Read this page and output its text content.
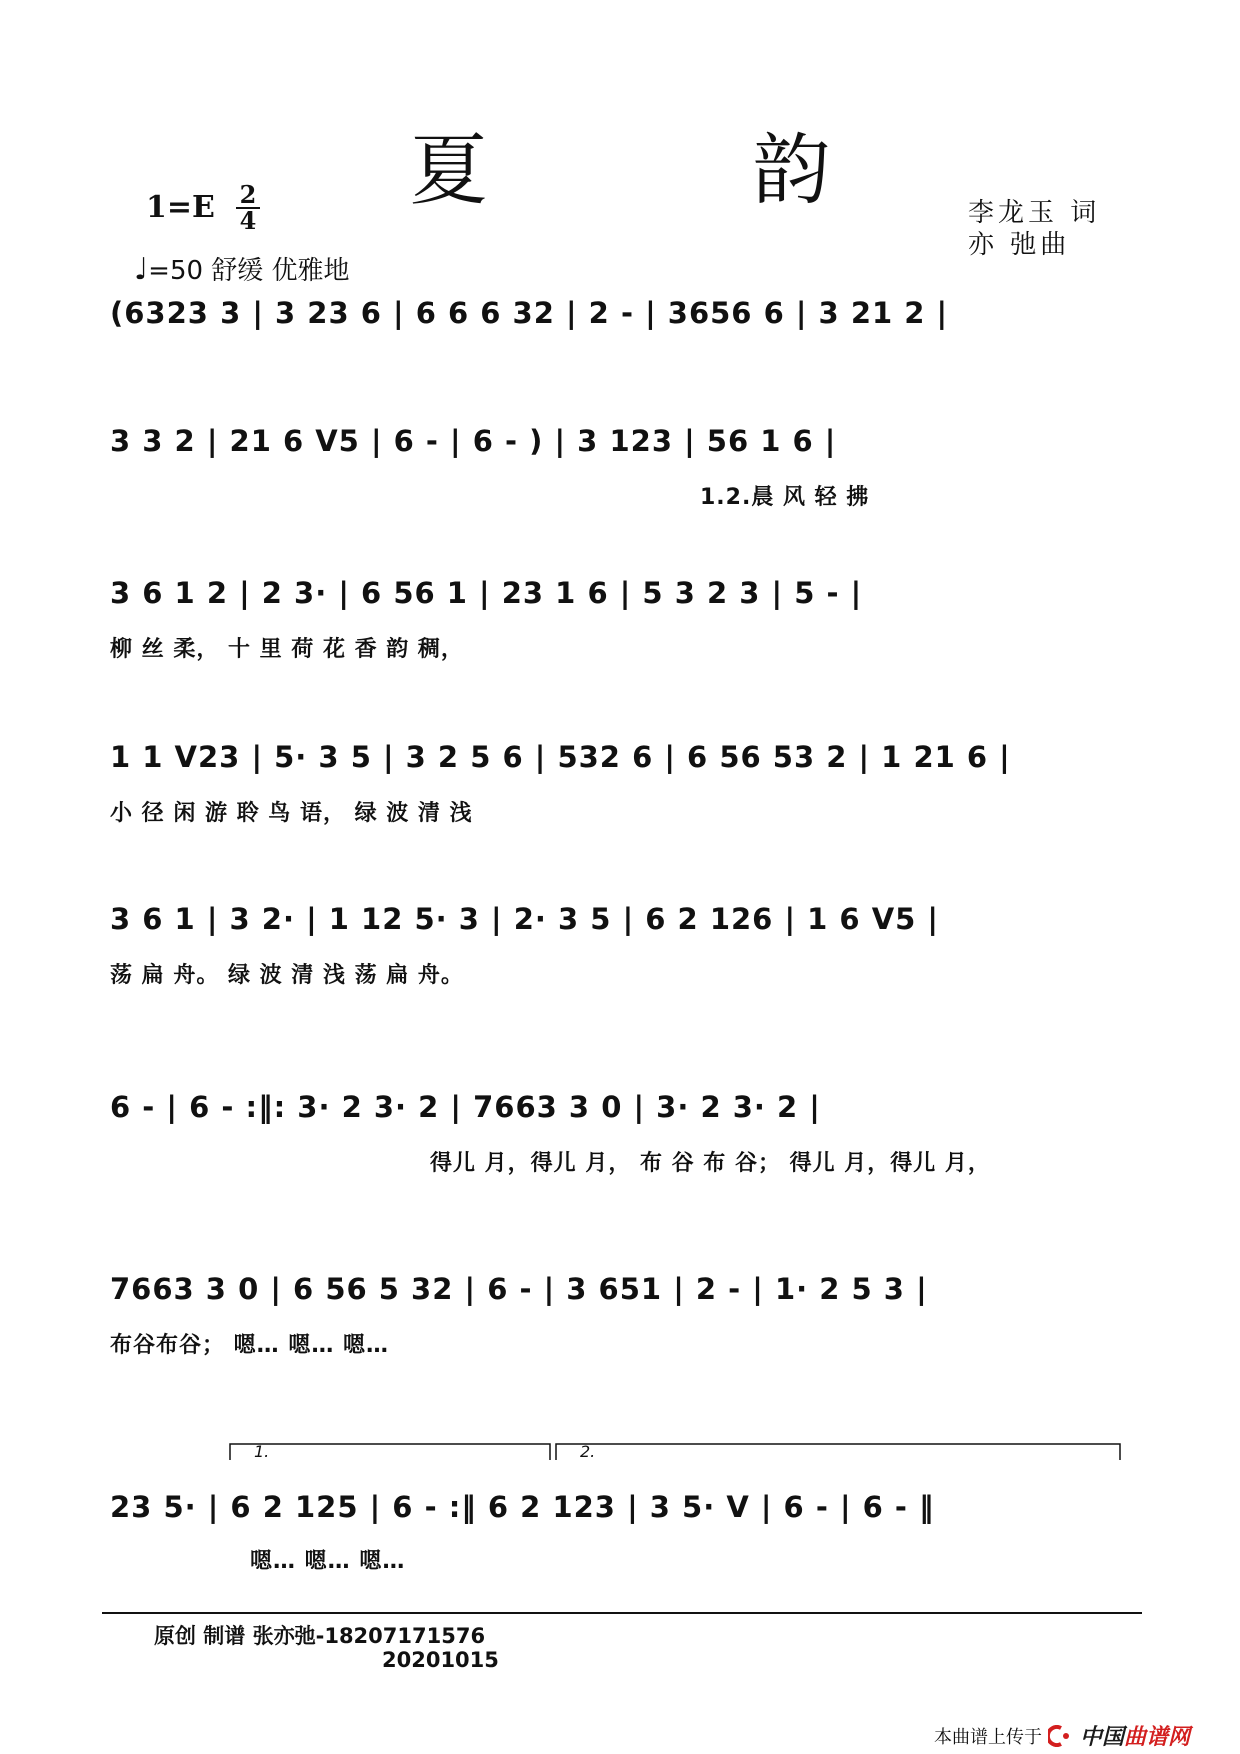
夏 韵
1=E 2
4
♩=50 舒缓 优雅地
李龙玉 词
亦 弛曲
(6323 3 | 3 23 6 | 6 6 6 32 | 2 - | 3656 6 | 3 21 2 |
3 3 2 | 21 6 V5 | 6 - | 6 - ) | 3 123 | 56 1 6 |
1.2.晨 风 轻 拂
3 6 1 2 | 2 3· | 6 56 1 | 23 1 6 | 5 3 2 3 | 5 - |
柳 丝 柔， 十 里 荷 花 香 韵 稠，
1 1 V23 | 5· 3 5 | 3 2 5 6 | 532 6 | 6 56 53 2 | 1 21 6 |
小 径 闲 游 聆 鸟 语， 绿 波 清 浅
3 6 1 | 3 2· | 1 12 5· 3 | 2· 3 5 | 6 2 126 | 1 6 V5 |
荡 扁 舟。 绿 波 清 浅 荡 扁 舟。
6 - | 6 - :‖: 3· 2 3· 2 | 7663 3 0 | 3· 2 3· 2 |
得儿 月，得儿 月， 布 谷 布 谷； 得儿 月，得儿 月，
7663 3 0 | 6 56 5 32 | 6 - | 3 651 | 2 - | 1· 2 5 3 |
布谷布谷； 嗯… 嗯… 嗯…
1.	2.
23 5· | 6 2 125 | 6 - :‖ 6 2 123 | 3 5· V | 6 - | 6 - ‖
嗯… 嗯… 嗯…
原创 制谱 张亦弛-18207171576
20201015
本曲谱上传于 中国曲谱网
